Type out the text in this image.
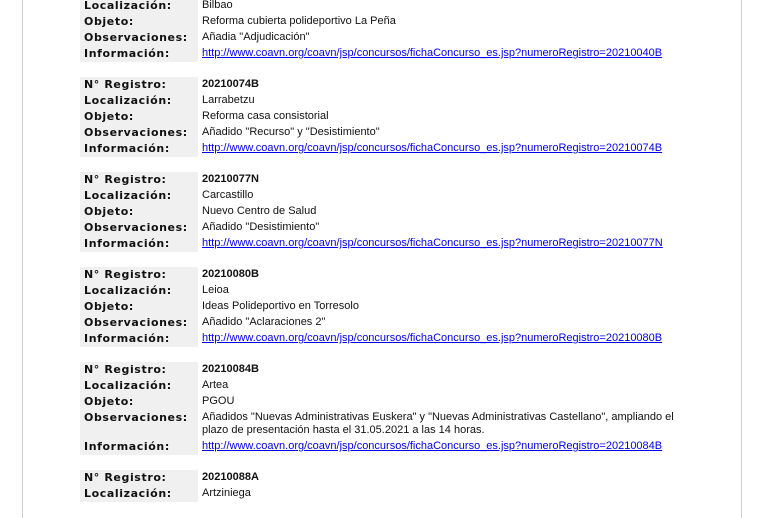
Localización:	Bilbao
Objeto:	Reforma cubierta polideportivo La Peña
Observaciones:	Añadia "Adjudicación"
Información:	http://www.coavn.org/coavn/jsp/concursos/fichaConcurso_es.jsp?numeroRegistro=20210040B
N° Registro:	20210074B
Localización:	Larrabetzu
Objeto:	Reforma casa consistorial
Observaciones:	Añadido "Recurso" y "Desistimiento"
Información:	http://www.coavn.org/coavn/jsp/concursos/fichaConcurso_es.jsp?numeroRegistro=20210074B
N° Registro:	20210077N
Localización:	Carcastillo
Objeto:	Nuevo Centro de Salud
Observaciones:	Añadido "Desistimiento"
Información:	http://www.coavn.org/coavn/jsp/concursos/fichaConcurso_es.jsp?numeroRegistro=20210077N
N° Registro:	20210080B
Localización:	Leioa
Objeto:	Ideas Polideportivo en Torresolo
Observaciones:	Añadido "Aclaraciones 2"
Información:	http://www.coavn.org/coavn/jsp/concursos/fichaConcurso_es.jsp?numeroRegistro=20210080B
N° Registro:	20210084B
Localización:	Artea
Objeto:	PGOU
Observaciones:	Añadidos "Nuevas Administrativas Euskera" y "Nuevas Administrativas Castellano", ampliando el plazo de presentación hasta el 31.05.2021 a las 14 horas.
Información:	http://www.coavn.org/coavn/jsp/concursos/fichaConcurso_es.jsp?numeroRegistro=20210084B
N° Registro:	20210088A
Localización:	Artziniega
